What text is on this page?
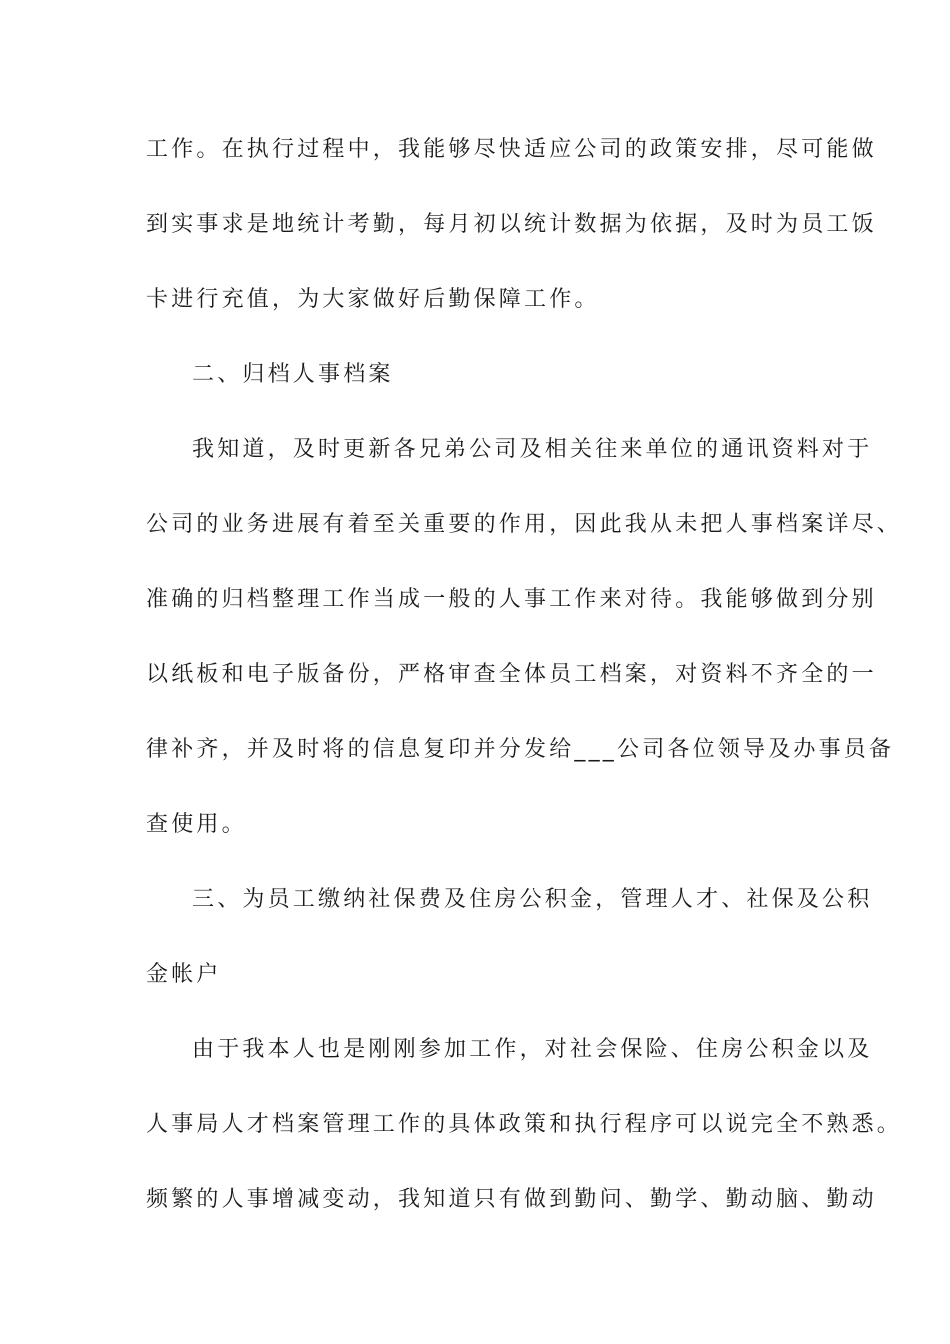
工作。在执行过程中，我能够尽快适应公司的政策安排，尽可能做
到实事求是地统计考勤，每月初以统计数据为依据，及时为员工饭
卡进行充值，为大家做好后勤保障工作。
二、归档人事档案
我知道，及时更新各兄弟公司及相关往来单位的通讯资料对于
公司的业务进展有着至关重要的作用，因此我从未把人事档案详尽、
准确的归档整理工作当成一般的人事工作来对待。我能够做到分别
以纸板和电子版备份，严格审查全体员工档案，对资料不齐全的一
律补齐，并及时将的信息复印并分发给___公司各位领导及办事员备
查使用。
三、为员工缴纳社保费及住房公积金，管理人才、社保及公积
金帐户
由于我本人也是刚刚参加工作，对社会保险、住房公积金以及
人事局人才档案管理工作的具体政策和执行程序可以说完全不熟悉。
频繁的人事增减变动，我知道只有做到勤问、勤学、勤动脑、勤动
